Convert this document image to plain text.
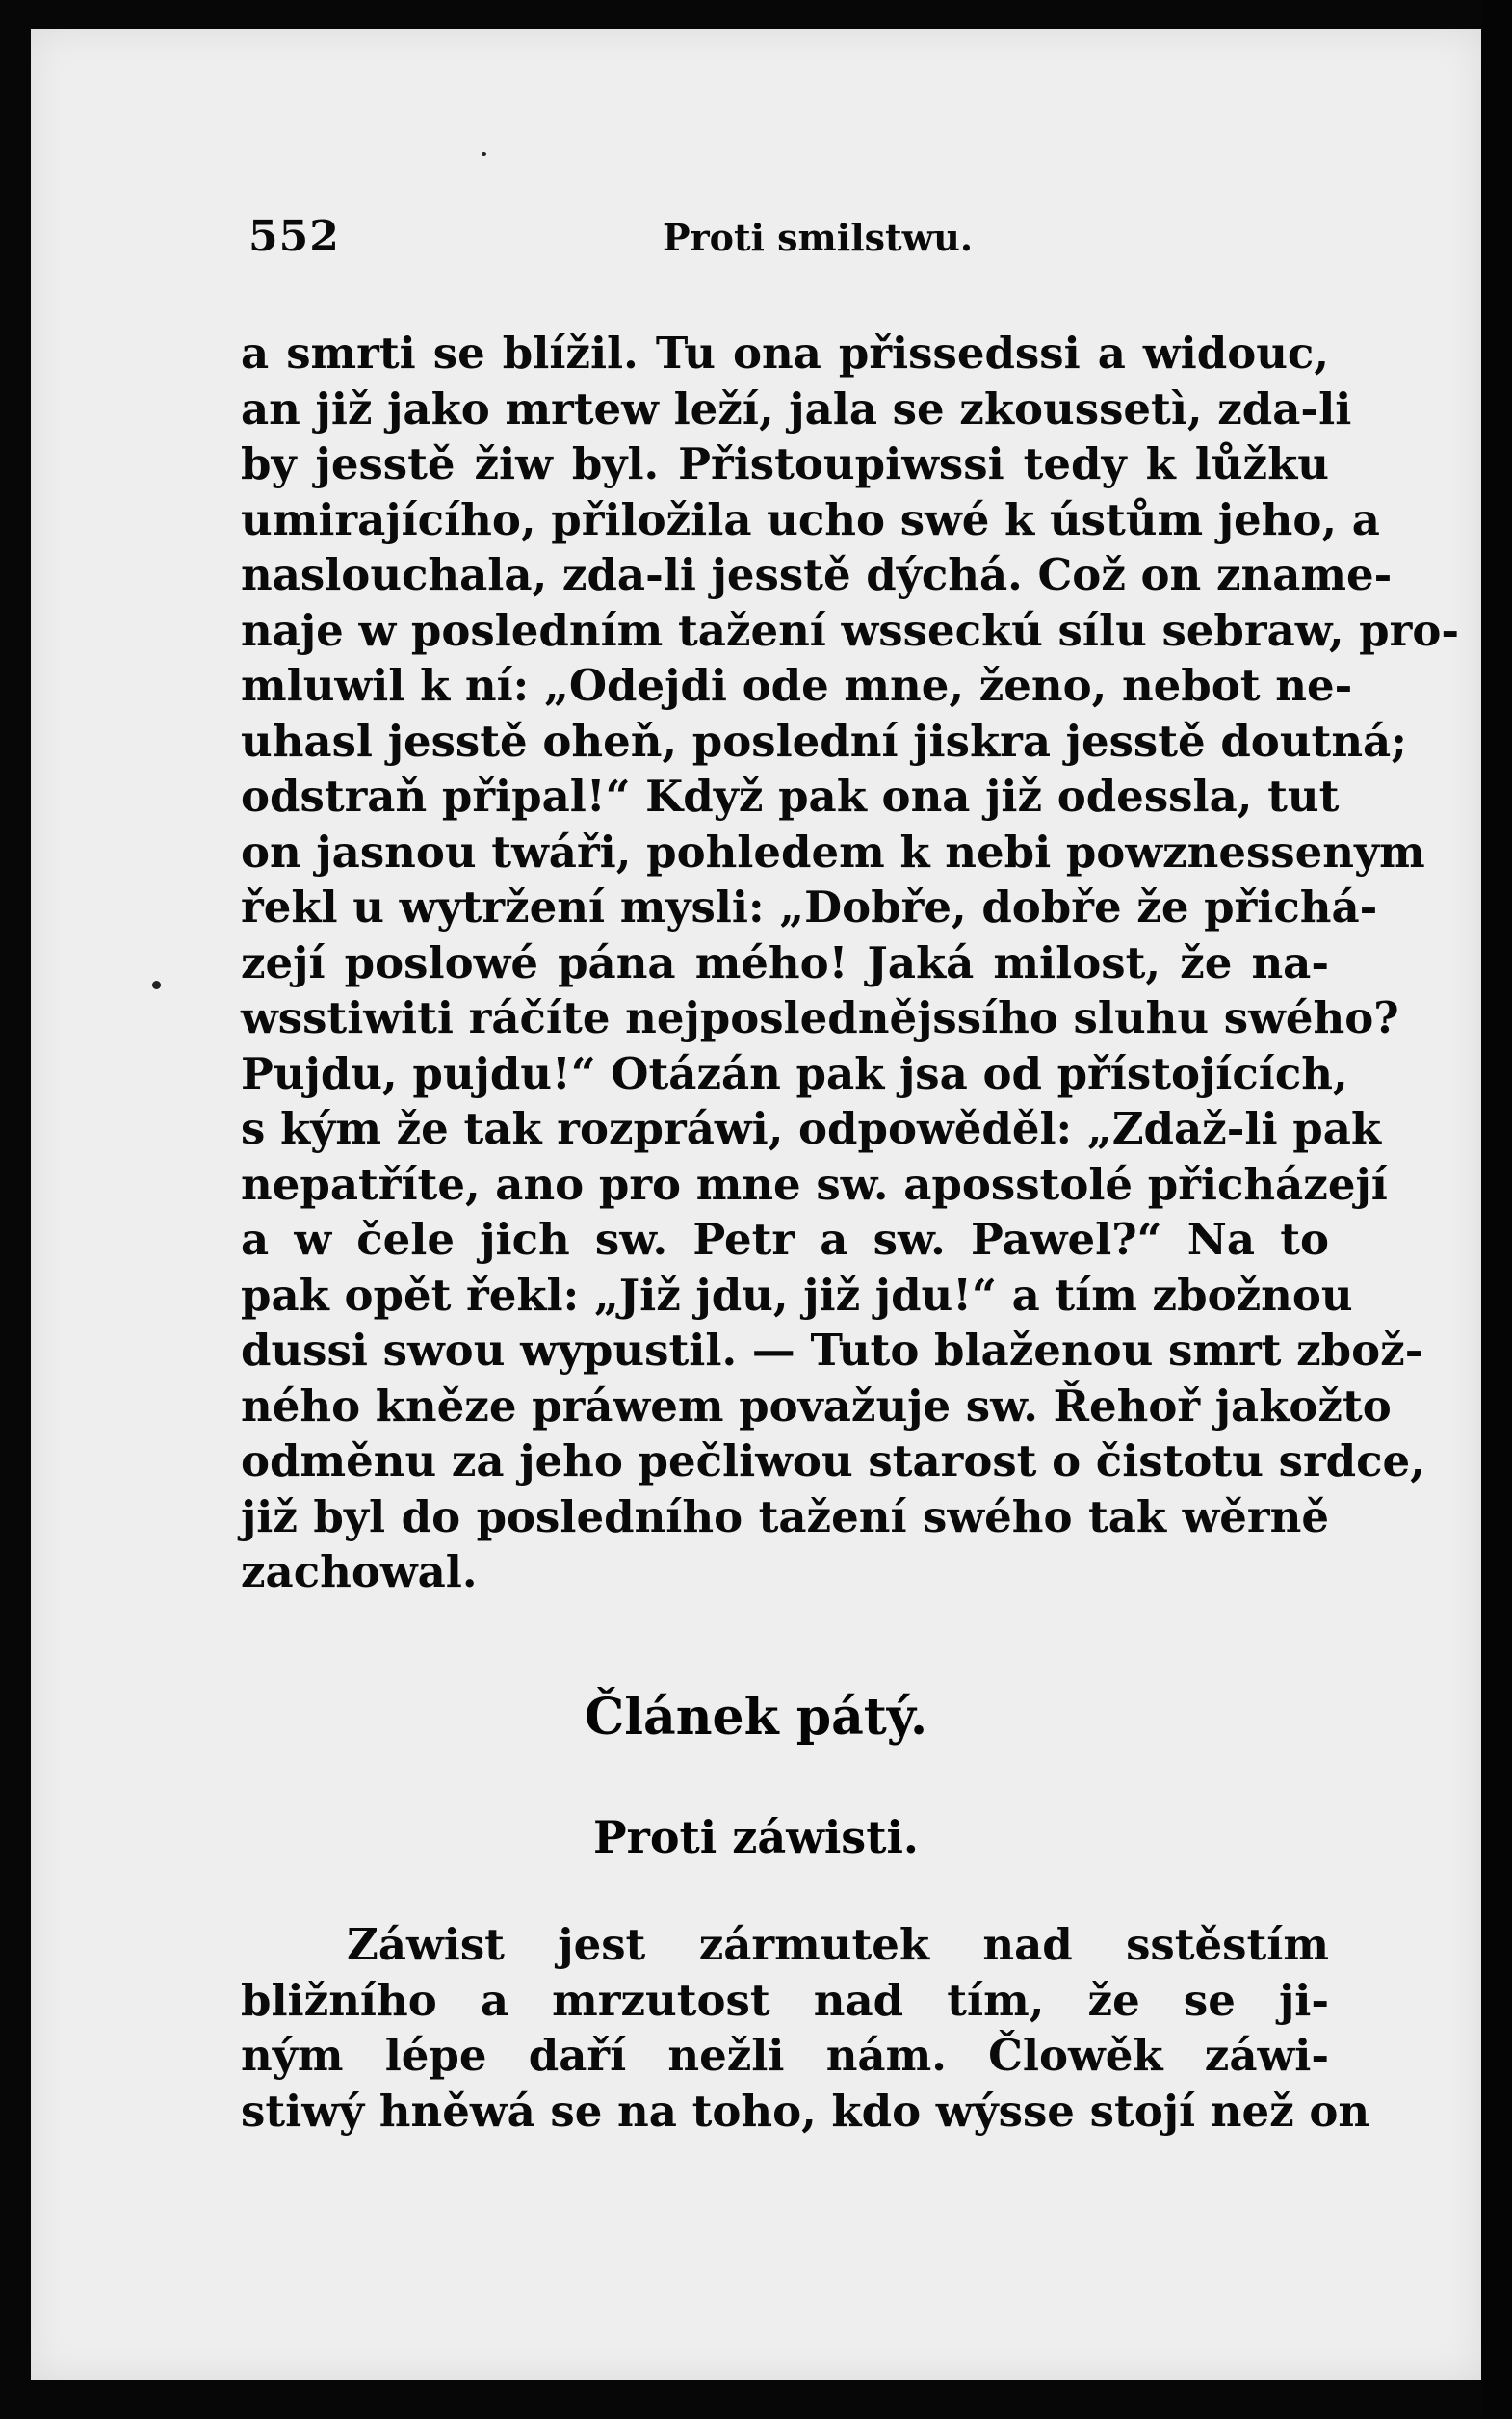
552	Proti smilstwu.
a smrti se blížil. Tu ona přissedssi a widouc,
an již jako mrtew leží, jala se zkoussetì, zda-li
by jesstě žiw byl. Přistoupiwssi tedy k lůžku
umirajícího, přiložila ucho swé k ústům jeho, a
naslouchala, zda-li jesstě dýchá. Což on zname-
naje w posledním tažení wsseckú sílu sebraw, pro-
mluwil k ní: „Odejdi ode mne, ženo, nebot ne-
uhasl jesstě oheň, poslední jiskra jesstě doutná;
odstraň připal!“ Když pak ona již odessla, tut
on jasnou twáři, pohledem k nebi powznessenym
řekl u wytržení mysli: „Dobře, dobře že přichá-
zejí poslowé pána mého! Jaká milost, že na-
wsstiwiti ráčíte nejposlednějssího sluhu swého?
Pujdu, pujdu!“ Otázán pak jsa od přístojících,
s kým že tak rozpráwi, odpowěděl: „Zdaž-li pak
nepatříte, ano pro mne sw. aposstolé přicházejí
a w čele jich sw. Petr a sw. Pawel?“ Na to
pak opět řekl: „Již jdu, již jdu!“ a tím zbožnou
dussi swou wypustil. — Tuto blaženou smrt zbož-
ného kněze práwem považuje sw. Řehoř jakožto
odměnu za jeho pečliwou starost o čistotu srdce,
již byl do posledního tažení swého tak wěrně
zachowal.
Článek pátý.
Proti záwisti.
Záwist jest zármutek nad sstěstím
bližního a mrzutost nad tím, že se ji-
ným lépe daří nežli nám. Člowěk záwi-
stiwý hněwá se na toho, kdo wýsse stojí než on
